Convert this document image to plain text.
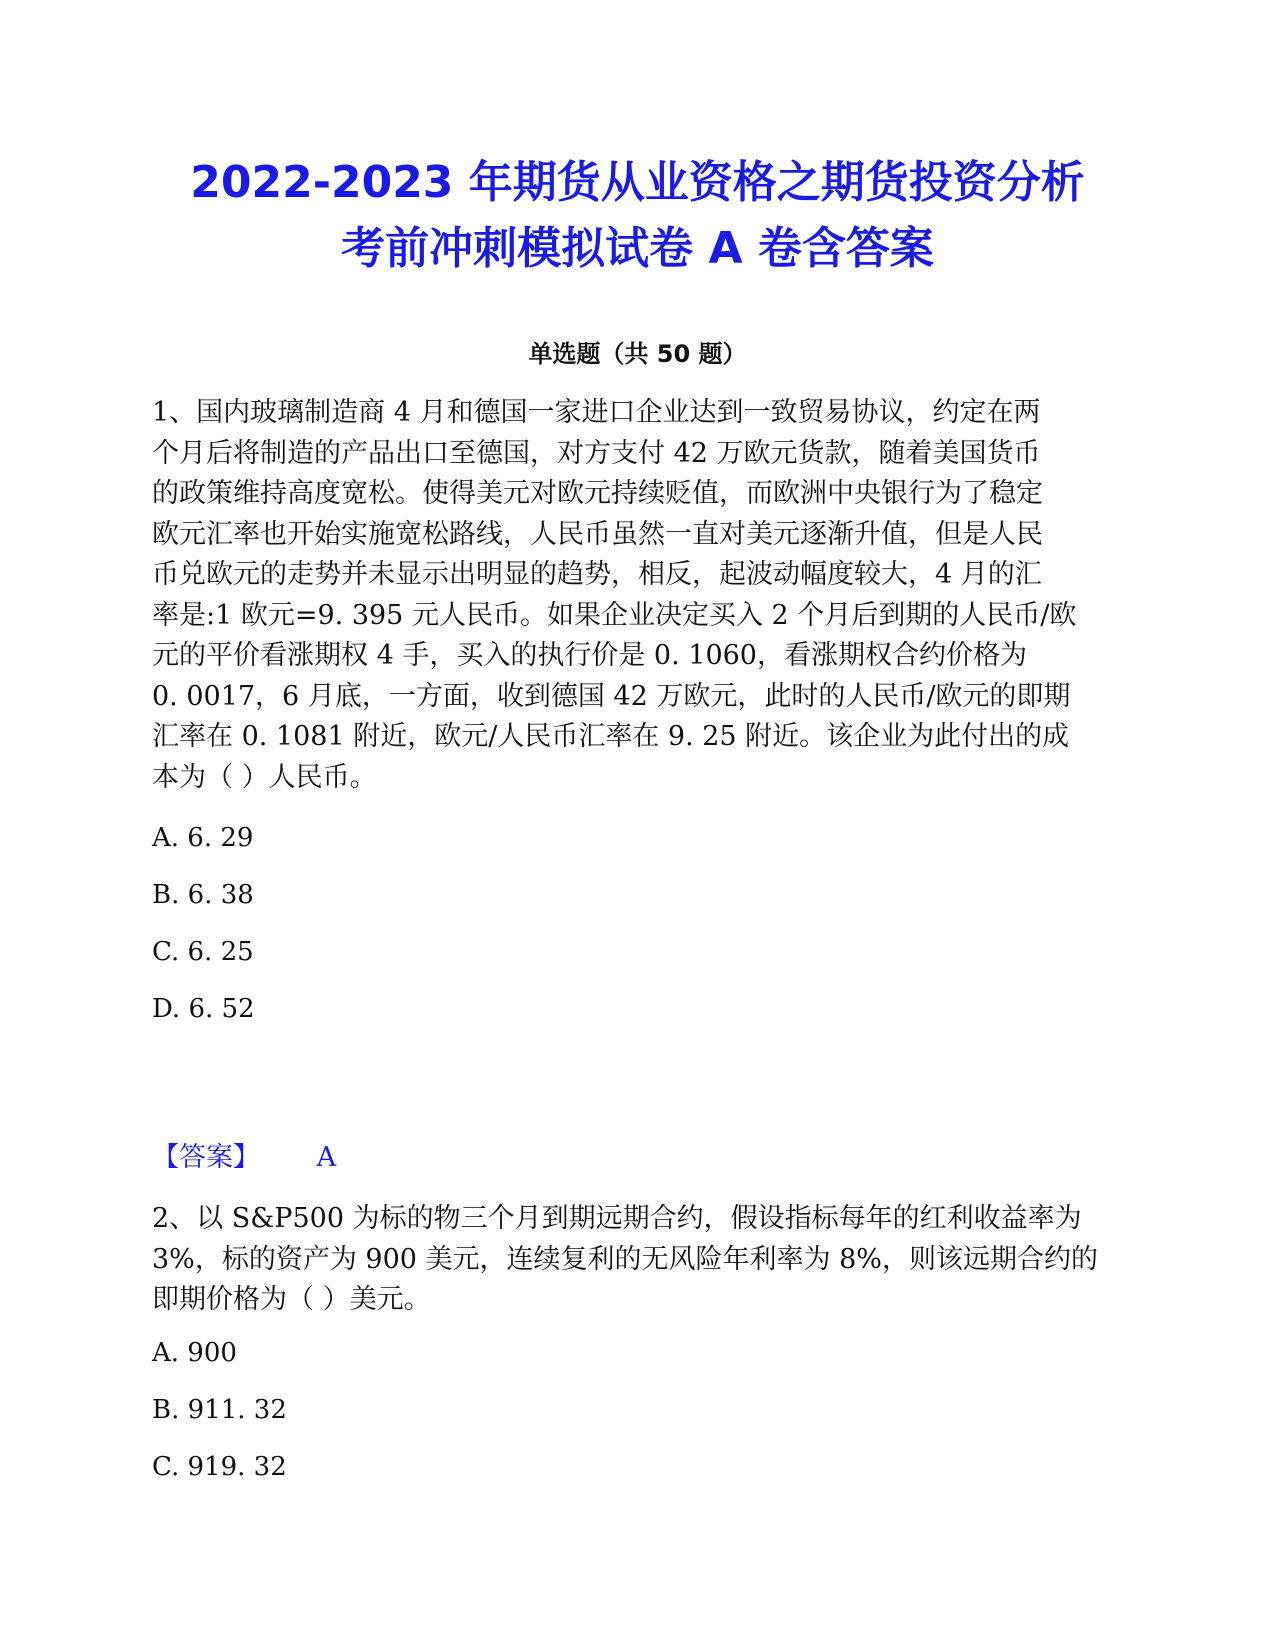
2022-2023 年期货从业资格之期货投资分析
考前冲刺模拟试卷 A 卷含答案
单选题（共 50 题）

1、国内玻璃制造商 4 月和德国一家进口企业达到一致贸易协议，约定在两
个月后将制造的产品出口至德国，对方支付 42 万欧元货款，随着美国货币
的政策维持高度宽松。使得美元对欧元持续贬值，而欧洲中央银行为了稳定
欧元汇率也开始实施宽松路线，人民币虽然一直对美元逐渐升值，但是人民
币兑欧元的走势并未显示出明显的趋势，相反，起波动幅度较大，4 月的汇
率是:1 欧元=9. 395 元人民币。如果企业决定买入 2 个月后到期的人民币/欧
元的平价看涨期权 4 手，买入的执行价是 0. 1060，看涨期权合约价格为
0. 0017，6 月底，一方面，收到德国 42 万欧元，此时的人民币/欧元的即期
汇率在 0. 1081 附近，欧元/人民币汇率在 9. 25 附近。该企业为此付出的成
本为（ ）人民币。

A. 6. 29
B. 6. 38
C. 6. 25
D. 6. 52
【答案】 A

2、以 S&P500 为标的物三个月到期远期合约，假设指标每年的红利收益率为
3%，标的资产为 900 美元，连续复利的无风险年利率为 8%，则该远期合约的
即期价格为（ ）美元。

A. 900
B. 911. 32
C. 919. 32
